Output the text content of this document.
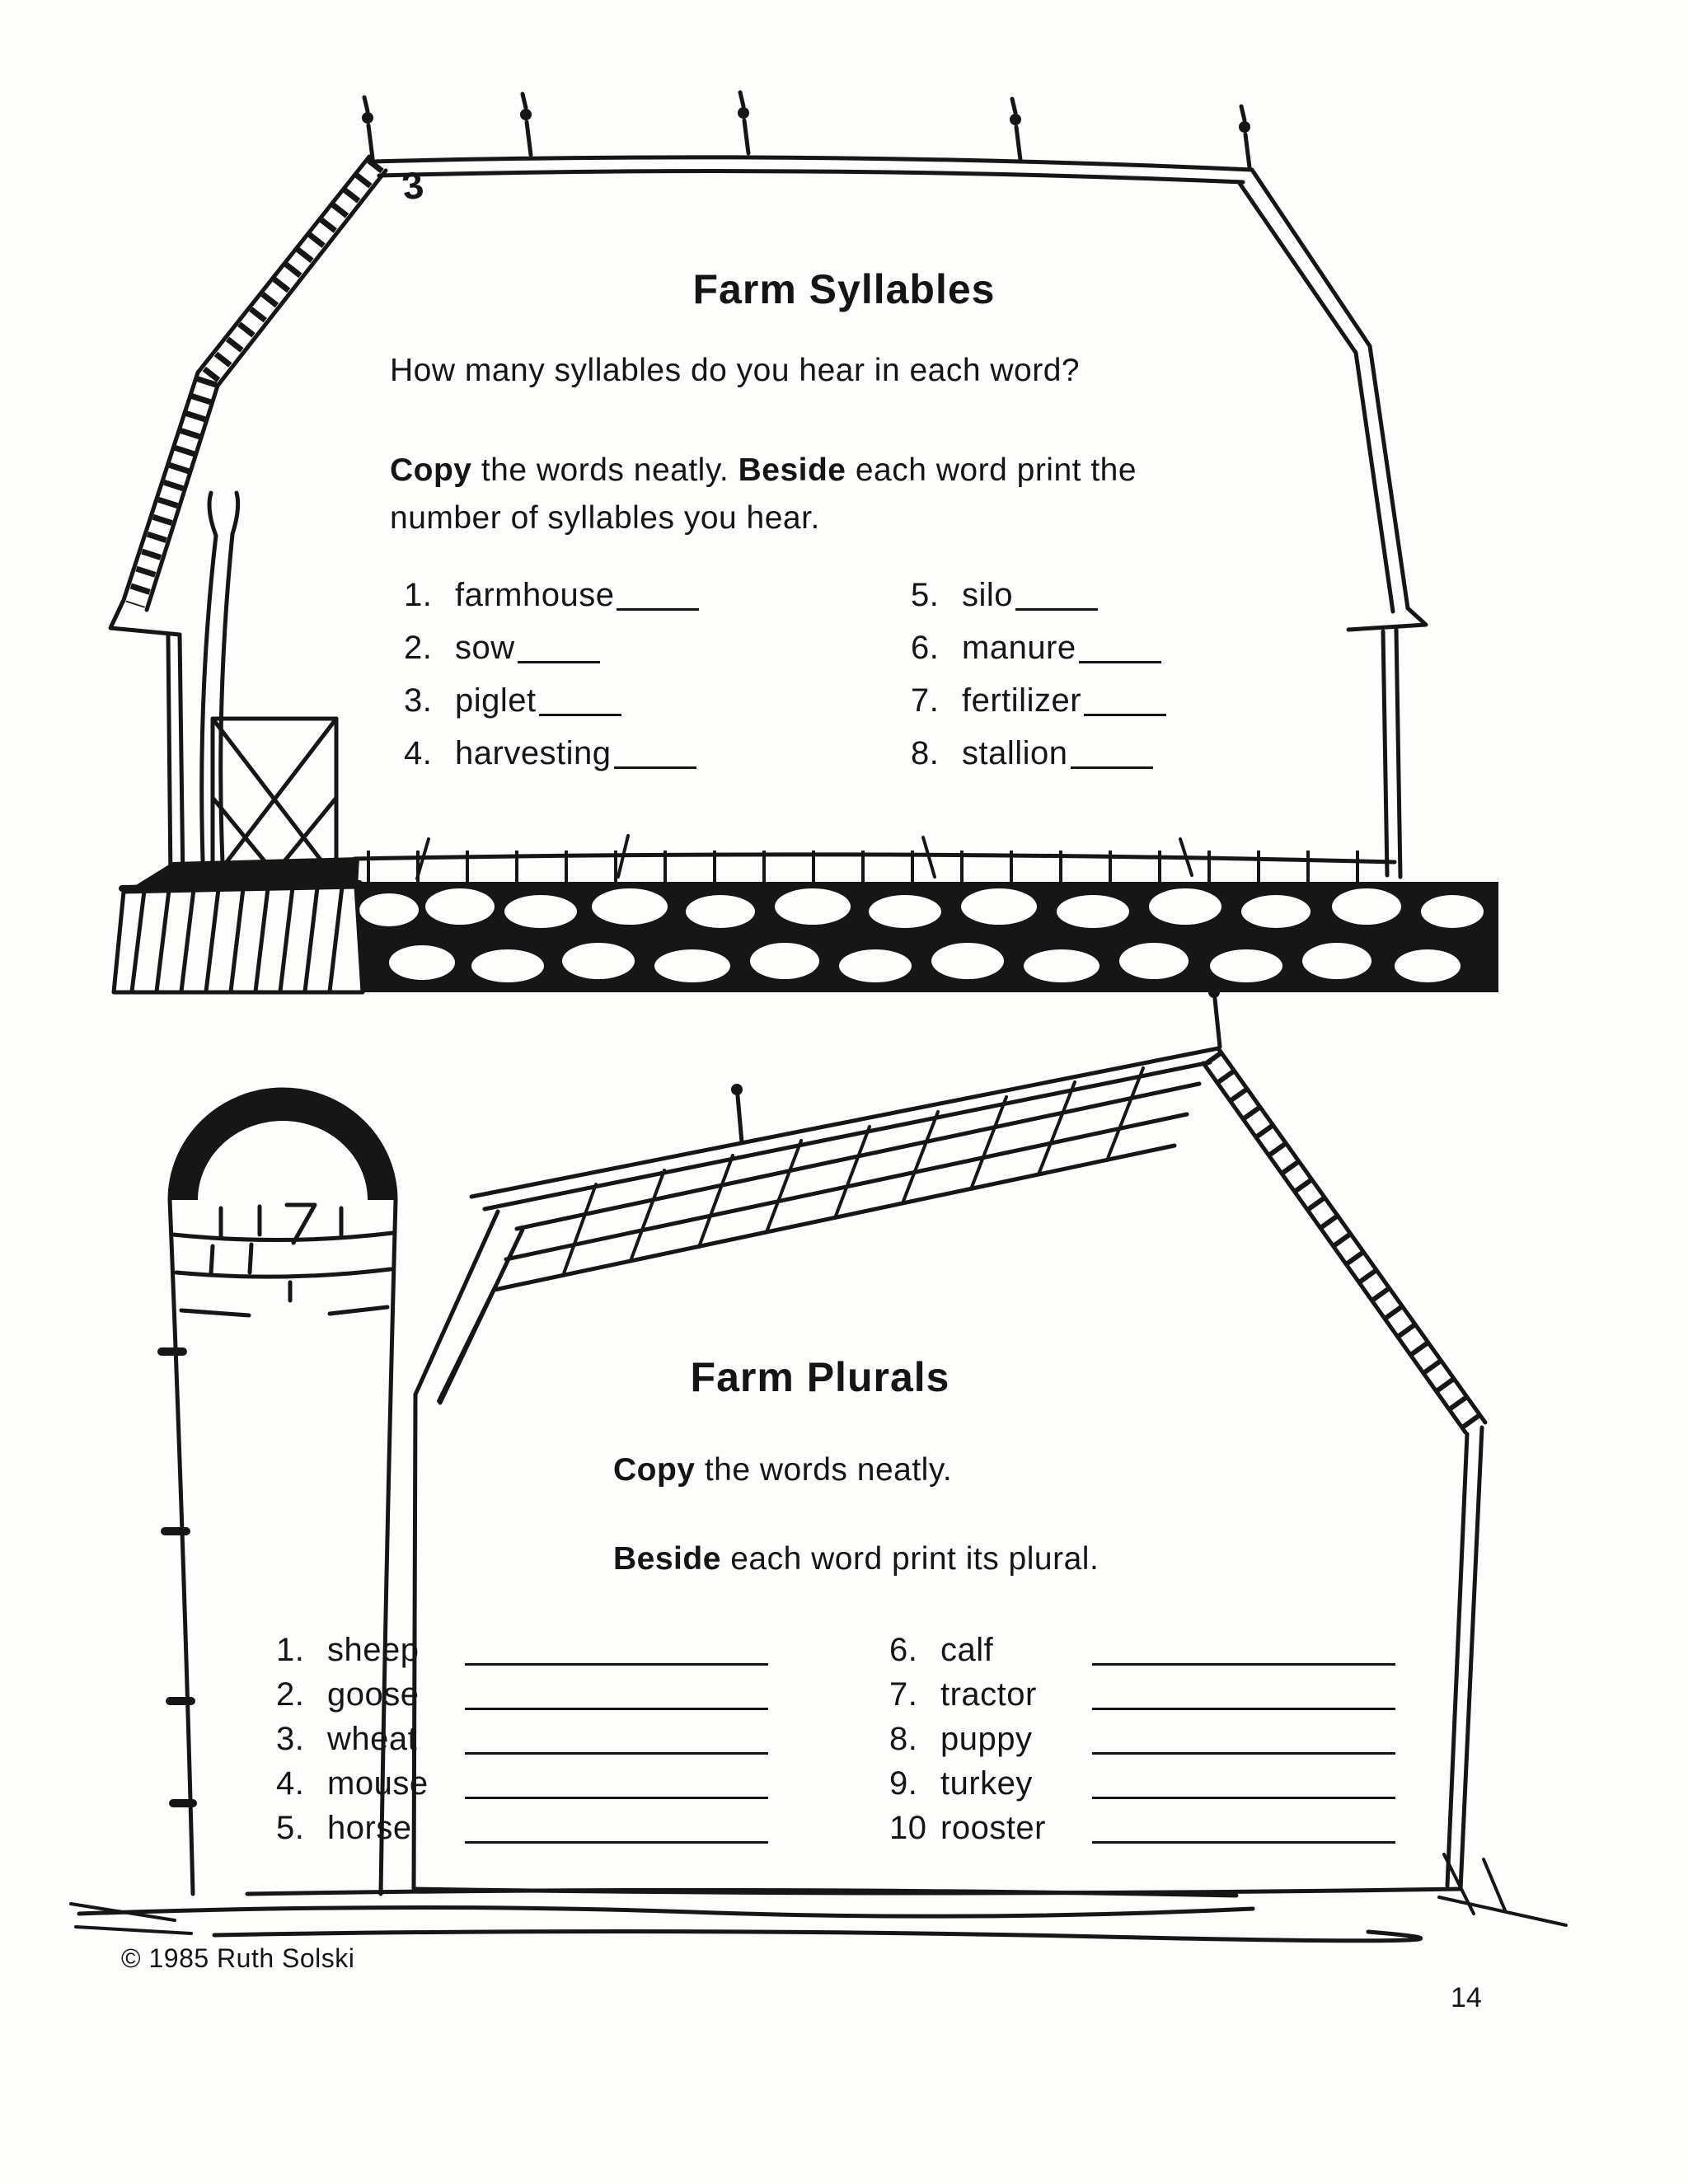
3
Farm Syllables
How many syllables do you hear in each word?
Copy the words neatly. Beside each word print the
number of syllables you hear.
1. farmhouse
2. sow
3. piglet
4. harvesting
5. silo
6. manure
7. fertilizer
8. stallion
Farm Plurals
Copy the words neatly.
Beside each word print its plural.
1. sheep
2. goose
3. wheat
4. mouse
5. horse
6. calf
7. tractor
8. puppy
9. turkey
10 rooster
© 1985 Ruth Solski
14
